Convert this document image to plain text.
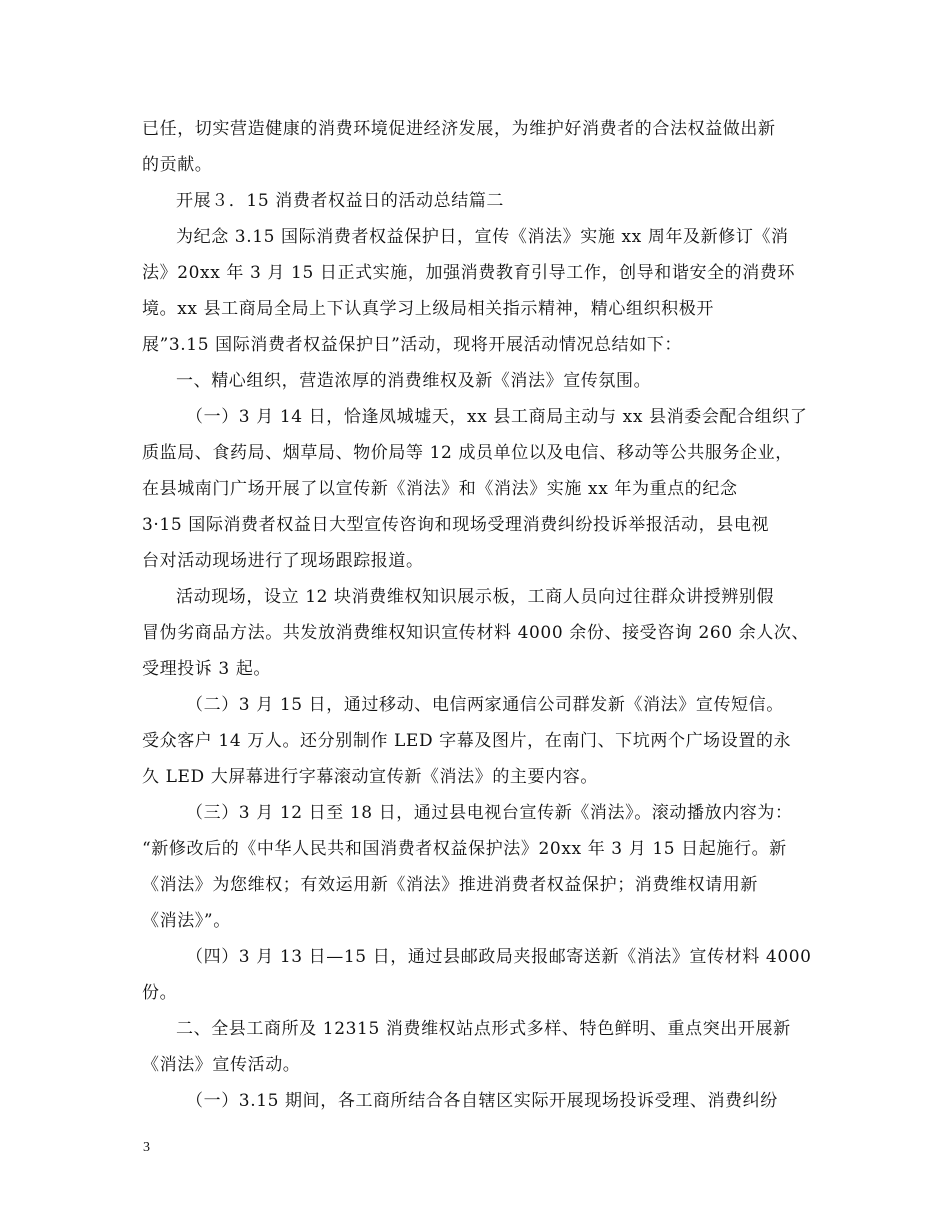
已任，切实营造健康的消费环境促进经济发展，为维护好消费者的合法权益做出新
的贡献。
开展３．15 消费者权益日的活动总结篇二
为纪念 3.15 国际消费者权益保护日，宣传《消法》实施 xx 周年及新修订《消
法》20xx 年 3 月 15 日正式实施，加强消费教育引导工作，创导和谐安全的消费环
境。xx 县工商局全局上下认真学习上级局相关指示精神，精心组织积极开
展”3.15 国际消费者权益保护日”活动，现将开展活动情况总结如下：
一、精心组织，营造浓厚的消费维权及新《消法》宣传氛围。
（一）3 月 14 日，恰逢凤城墟天，xx 县工商局主动与 xx 县消委会配合组织了
质监局、食药局、烟草局、物价局等 12 成员单位以及电信、移动等公共服务企业，
在县城南门广场开展了以宣传新《消法》和《消法》实施 xx 年为重点的纪念
3·15 国际消费者权益日大型宣传咨询和现场受理消费纠纷投诉举报活动，县电视
台对活动现场进行了现场跟踪报道。
活动现场，设立 12 块消费维权知识展示板，工商人员向过往群众讲授辨别假
冒伪劣商品方法。共发放消费维权知识宣传材料 4000 余份、接受咨询 260 余人次、
受理投诉 3 起。
（二）3 月 15 日，通过移动、电信两家通信公司群发新《消法》宣传短信。
受众客户 14 万人。还分别制作 LED 字幕及图片，在南门、下坑两个广场设置的永
久 LED 大屏幕进行字幕滚动宣传新《消法》的主要内容。
（三）3 月 12 日至 18 日，通过县电视台宣传新《消法》。滚动播放内容为：
“新修改后的《中华人民共和国消费者权益保护法》20xx 年 3 月 15 日起施行。新
《消法》为您维权；有效运用新《消法》推进消费者权益保护；消费维权请用新
《消法》”。
（四）3 月 13 日—15 日，通过县邮政局夹报邮寄送新《消法》宣传材料 4000
份。
二、全县工商所及 12315 消费维权站点形式多样、特色鲜明、重点突出开展新
《消法》宣传活动。
（一）3.15 期间，各工商所结合各自辖区实际开展现场投诉受理、消费纠纷
3
